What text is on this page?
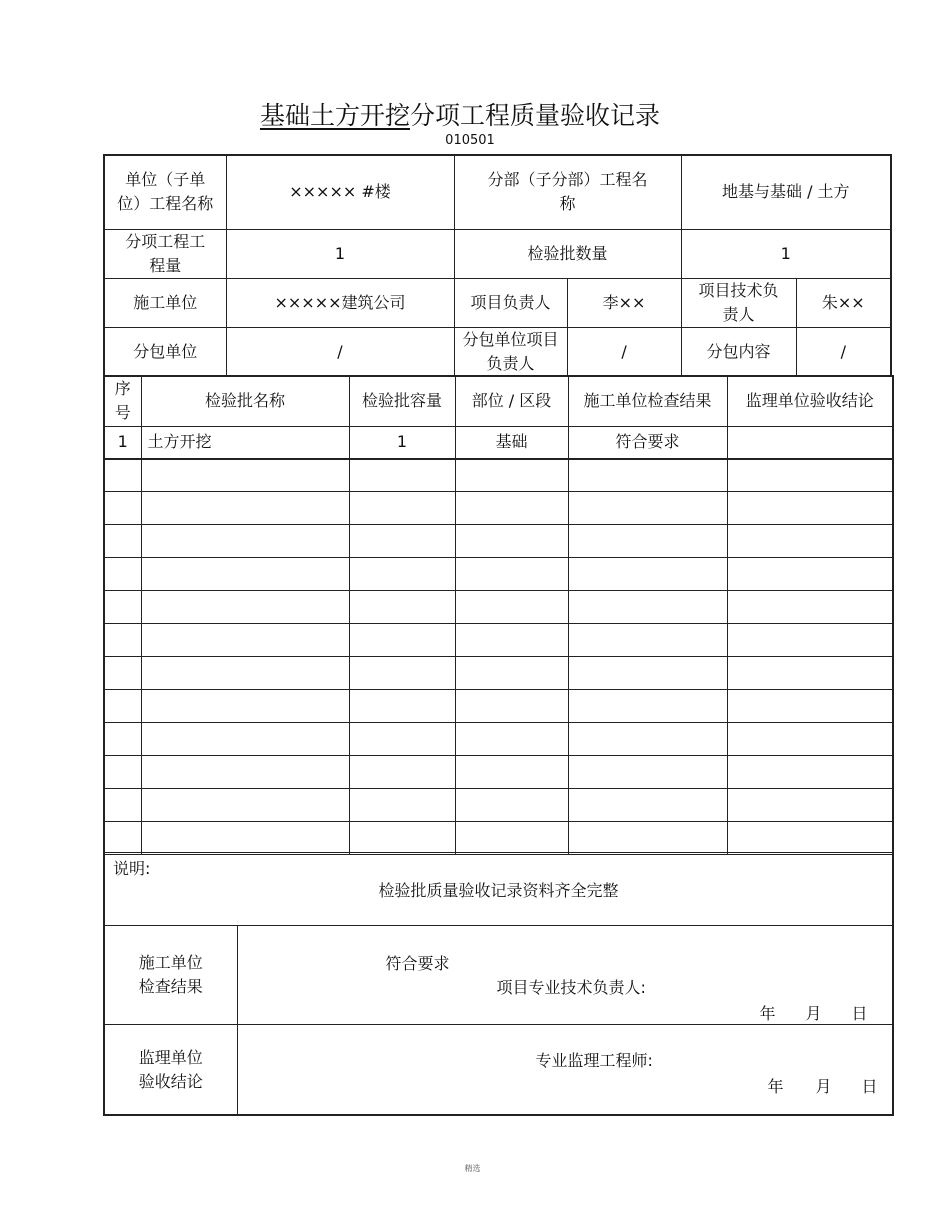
基础土方开挖分项工程质量验收记录
010501
单位（子单位）工程名称	××××× #楼	分部（子分部）工程名称		地基与基础 / 土方	
分项工程工程量	1	检验批数量		1	
施工单位	×××××建筑公司	项目负责人	李××	项目技术负责人	朱××
分包单位	/	分包单位项目负责人	/	分包内容	/
序号	检验批名称	检验批容量	部位 / 区段	施工单位检查结果	监理单位验收结论
1	土方开挖	1	基础	符合要求	

说明:
检验批质量验收记录资料齐全完整	

施工单位检查结果	符合要求
项目专业技术负责人:
年 月 日

监理单位验收结论	专业监理工程师:
年 月 日
精选
